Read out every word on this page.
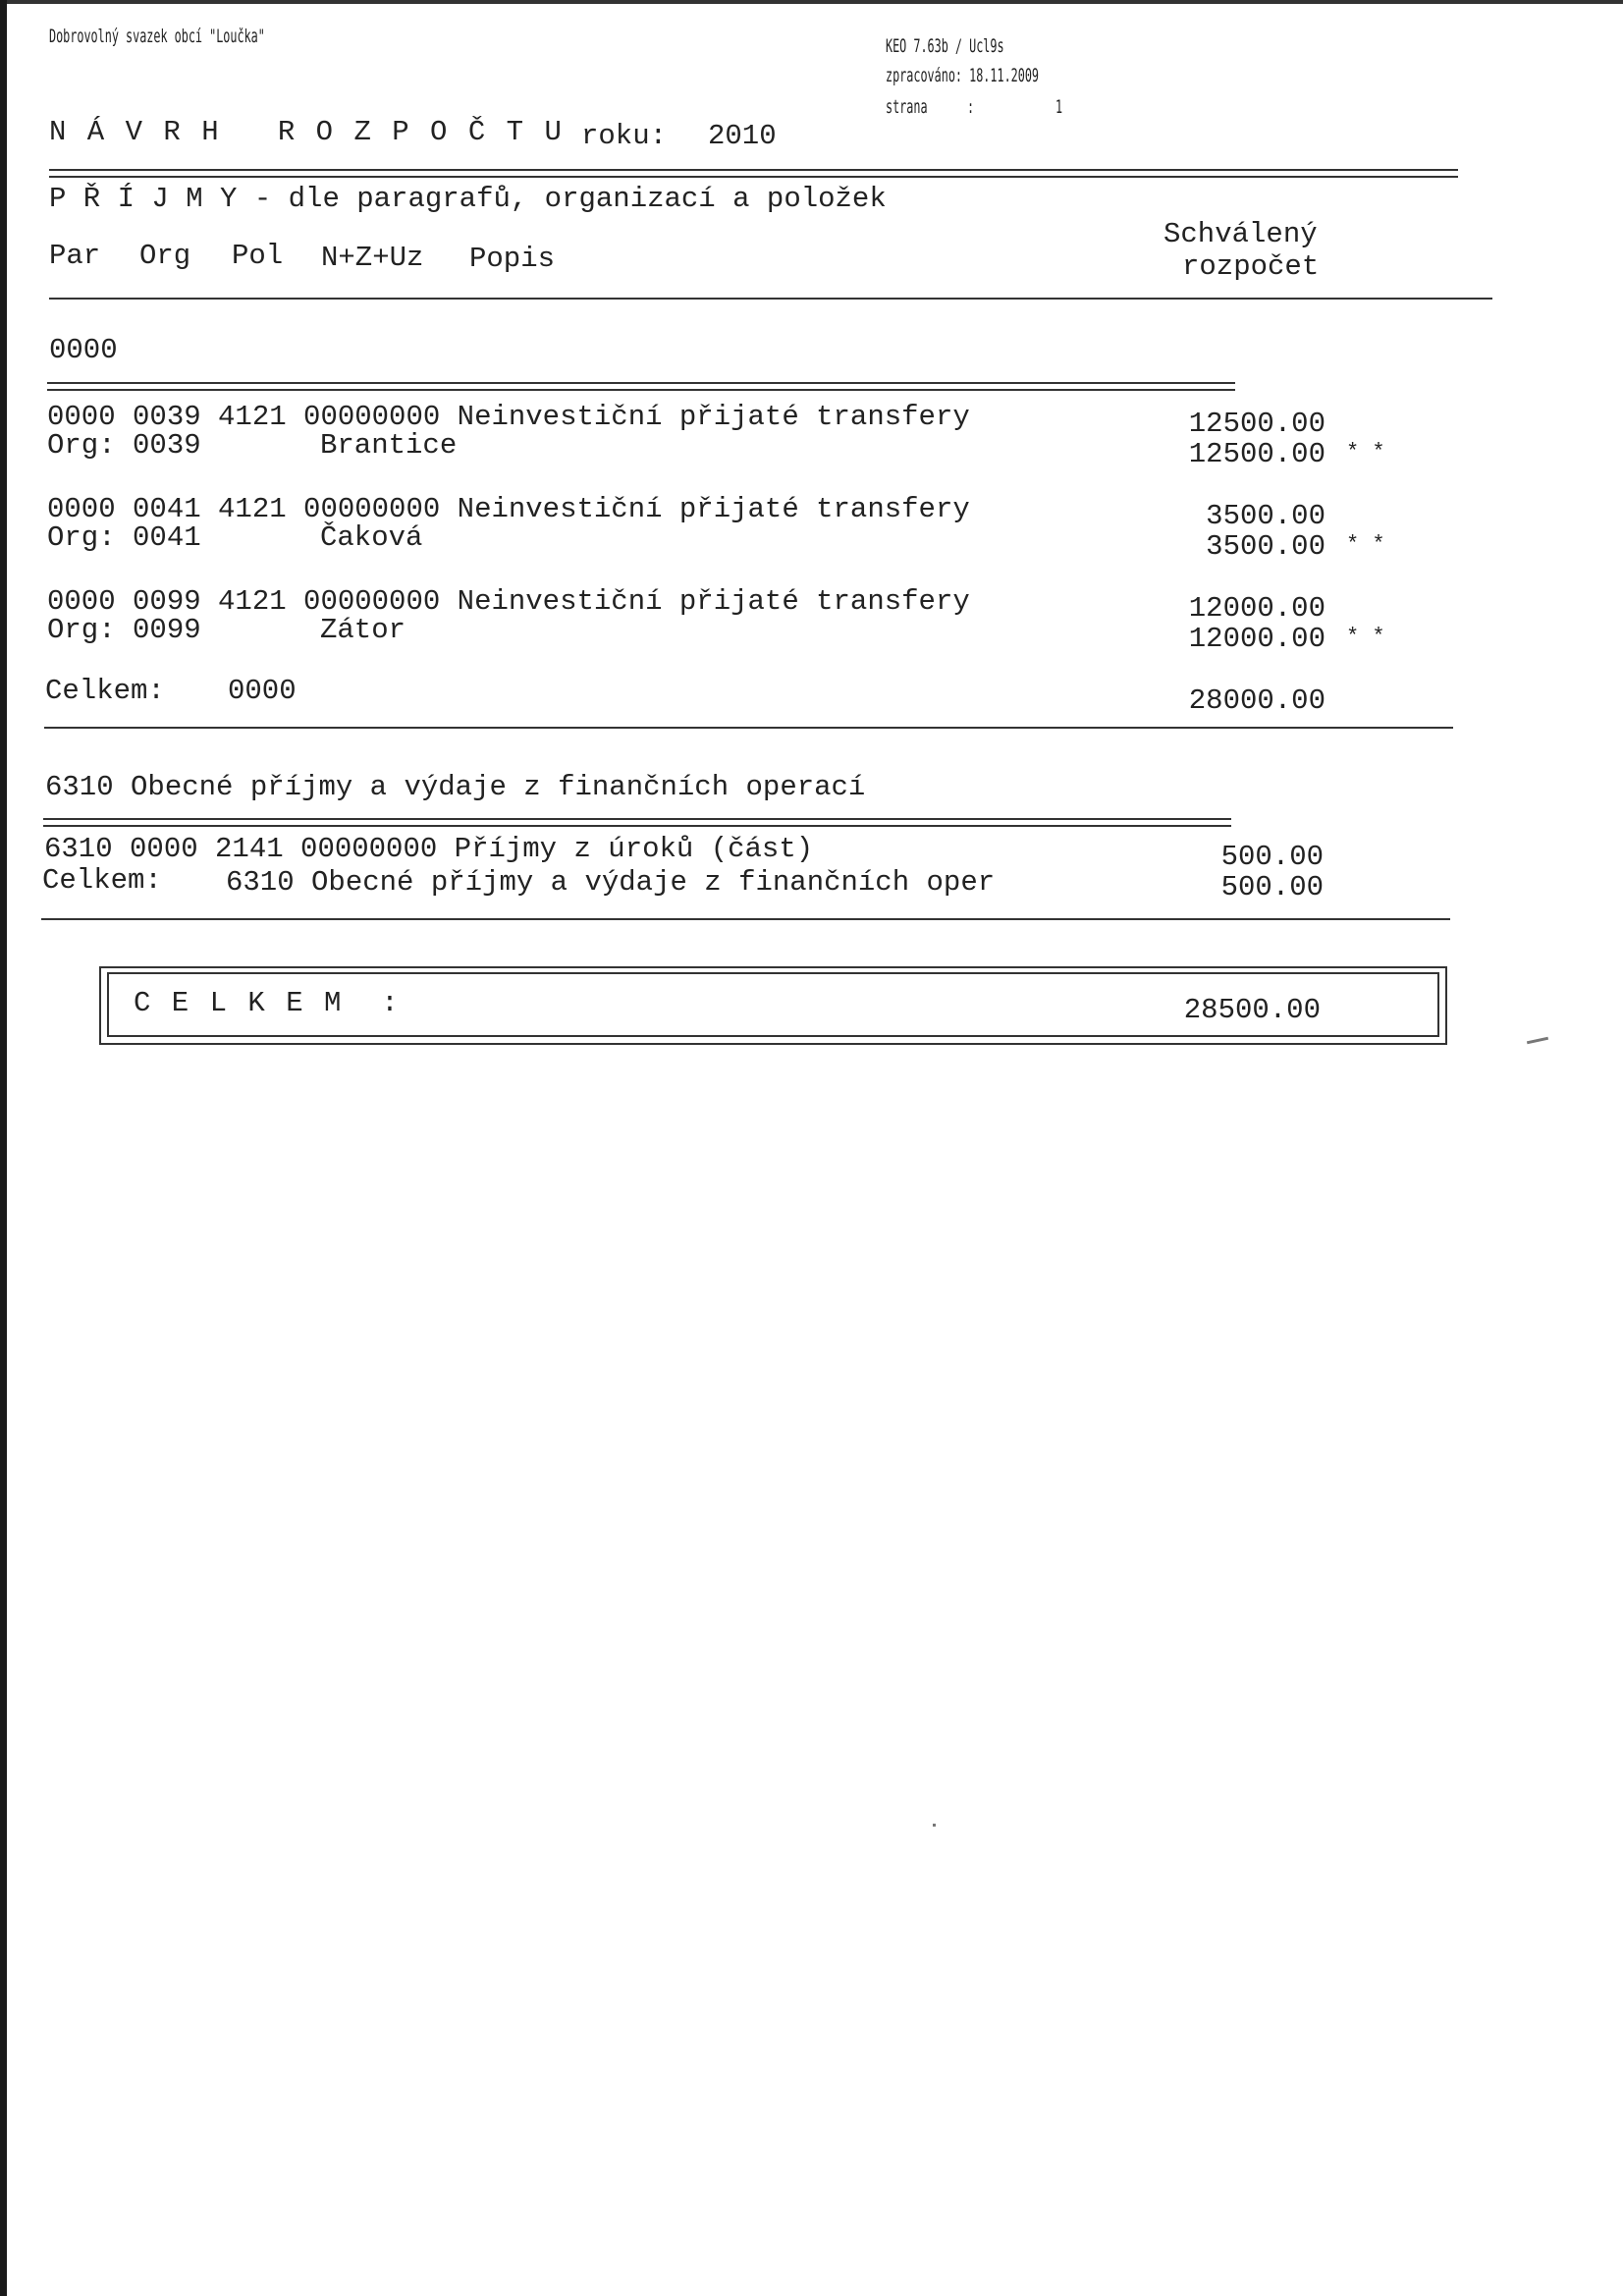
Dobrovolný svazek obcí "Loučka"	KEO 7.63b / Ucl9s
zpracováno: 18.11.2009
strana :	1
N Á V R H   R O Z P O Č T U roku: 2010
P Ř Í J M Y - dle paragrafů, organizací a položek
Par Org Pol N+Z+Uz Popis
Schválený
rozpočet
0000
0000 0039 4121 00000000 Neinvestiční přijaté transfery	12500.00
Org: 0039	Brantice	12500.00 * *
0000 0041 4121 00000000 Neinvestiční přijaté transfery	3500.00
Org: 0041	Čaková	3500.00 * *
0000 0099 4121 00000000 Neinvestiční přijaté transfery	12000.00
Org: 0099	Zátor	12000.00 * *
Celkem: 0000	28000.00
6310 Obecné příjmy a výdaje z finančních operací
6310 0000 2141 00000000 Příjmy z úroků (část)	500.00
Celkem: 6310 Obecné příjmy a výdaje z finančních oper	500.00
C E L K E M  :	28500.00
